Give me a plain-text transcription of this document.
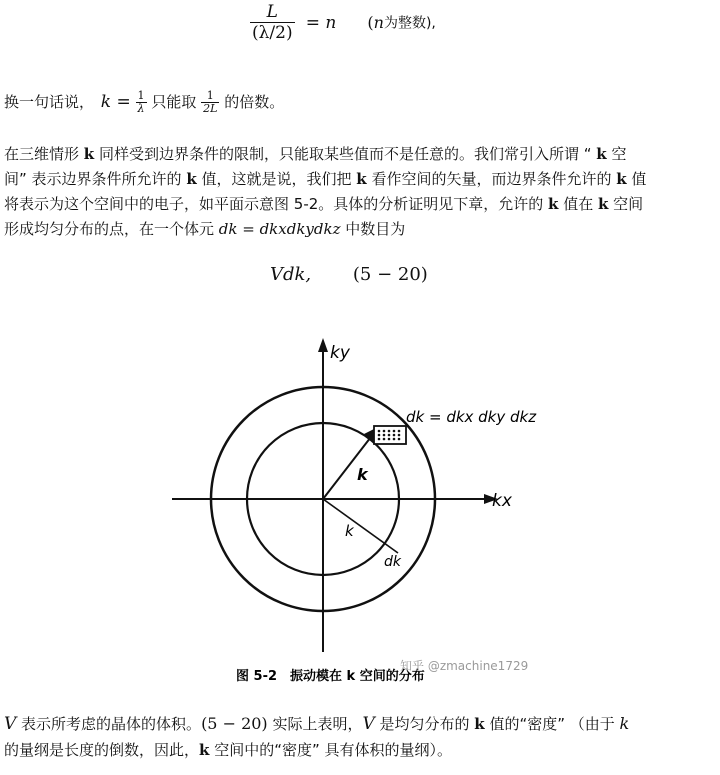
$\frac{L}{(\lambda/2)} = n$ (n为整数),
换一句话说， $k = \frac{1}{\lambda}$ 只能取 $\frac{1}{2L}$ 的倍数。
在三维情形 k 同样受到边界条件的限制，只能取某些值而不是任意的。我们常引入所谓 “ k 空
间” 表示边界条件所允许的 k 值，这就是说，我们把 k 看作空间的矢量，而边界条件允许的 k 值
将表示为这个空间中的电子，如平面示意图 5-2。具体的分析证明见下章，允许的 k 值在 k 空间
形成均匀分布的点，在一个体元 dk = dkxdkydkz 中数目为
Vdk, (5 − 20)
ky
kx
dk = dkx dky dkz
k
k
dk
图 5-2　振动模在 k 空间的分布
知乎 @zmachine1729
V 表示所考虑的晶体的体积。(5 − 20) 实际上表明，V 是均匀分布的 k 值的“密度” （由于 k
的量纲是长度的倒数，因此，k 空间中的“密度” 具有体积的量纲）。
